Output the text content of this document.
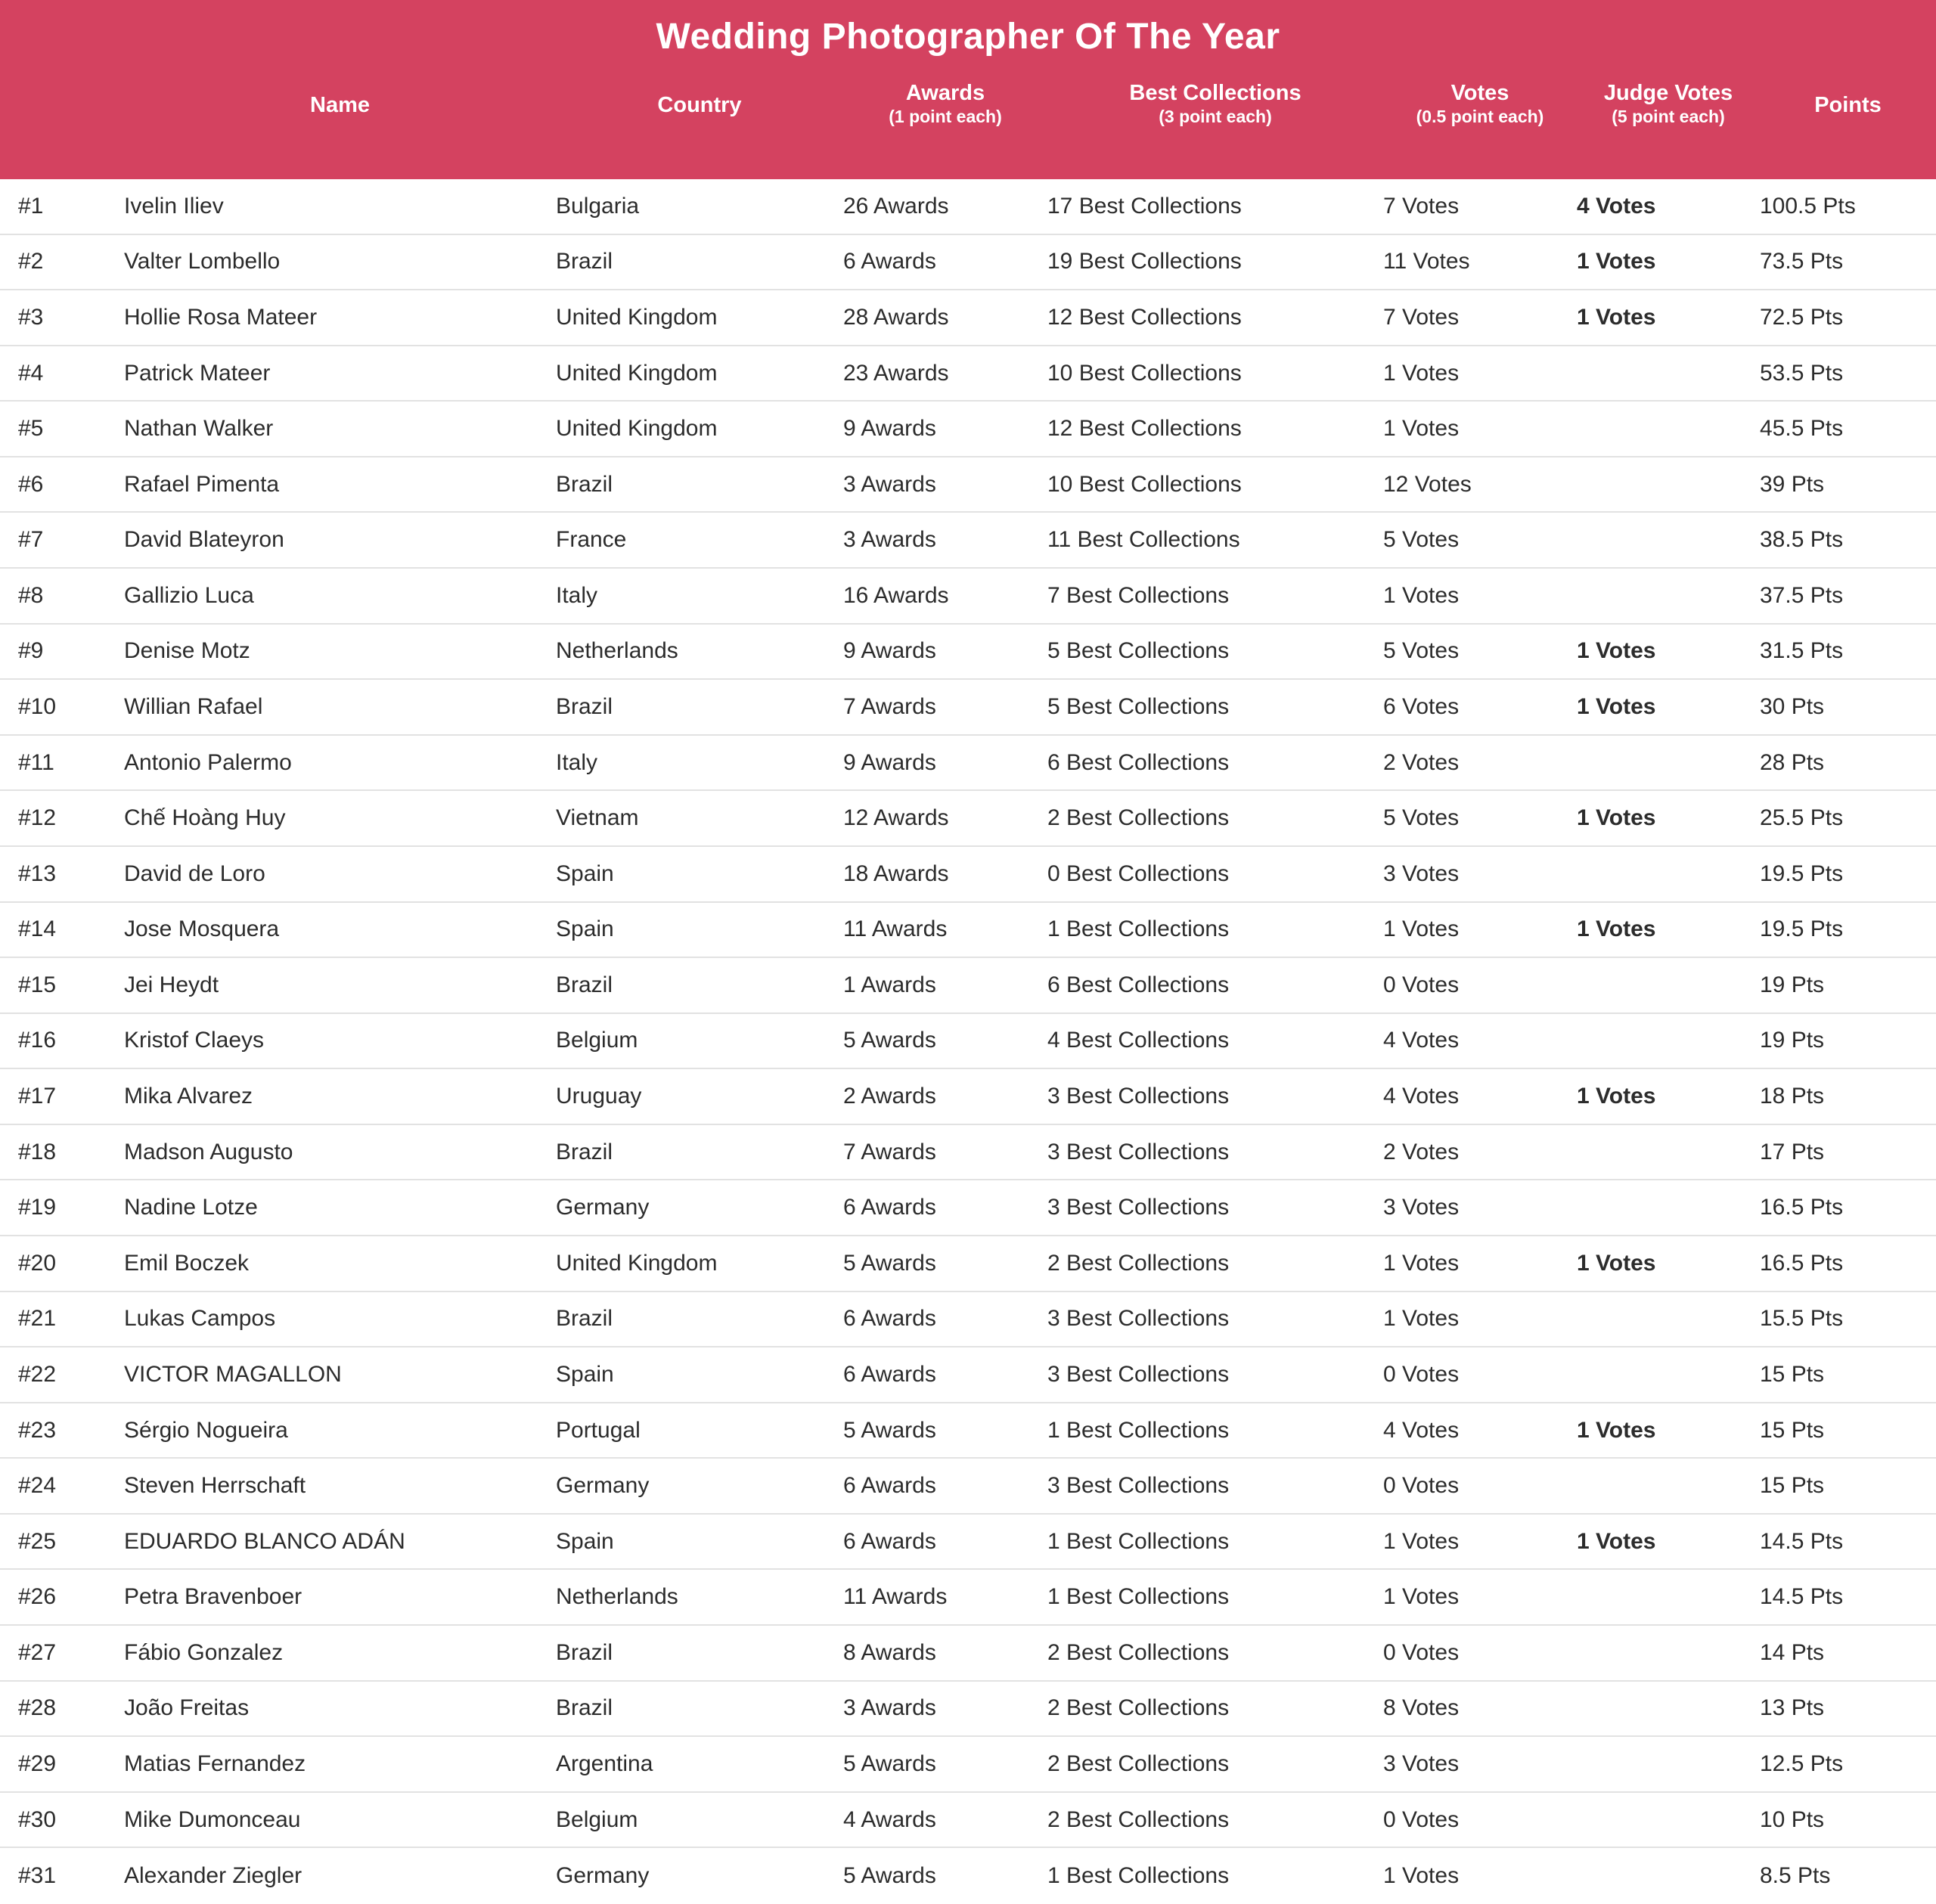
Wedding Photographer Of The Year
Name	Country	Awards
(1 point each)
Best Collections
(3 point each)
Votes
(0.5 point each)
Judge Votes
(5 point each)	Points
#1	Ivelin Iliev	Bulgaria	26 Awards	17 Best Collections	7 Votes	4 Votes	100.5 Pts
#2	Valter Lombello	Brazil	6 Awards	19 Best Collections	11 Votes	1 Votes	73.5 Pts
#3	Hollie Rosa Mateer	United Kingdom	28 Awards	12 Best Collections	7 Votes	1 Votes	72.5 Pts
#4	Patrick Mateer	United Kingdom	23 Awards	10 Best Collections	1 Votes	53.5 Pts
#5	Nathan Walker	United Kingdom	9 Awards	12 Best Collections	1 Votes	45.5 Pts
#6	Rafael Pimenta	Brazil	3 Awards	10 Best Collections	12 Votes	39 Pts
#7	David Blateyron	France	3 Awards	11 Best Collections	5 Votes	38.5 Pts
#8	Gallizio Luca	Italy	16 Awards	7 Best Collections	1 Votes	37.5 Pts
#9	Denise Motz	Netherlands	9 Awards	5 Best Collections	5 Votes	1 Votes	31.5 Pts
#10	Willian Rafael	Brazil	7 Awards	5 Best Collections	6 Votes	1 Votes	30 Pts
#11	Antonio Palermo	Italy	9 Awards	6 Best Collections	2 Votes	28 Pts
#12	Chế Hoàng Huy	Vietnam	12 Awards	2 Best Collections	5 Votes	1 Votes	25.5 Pts
#13	David de Loro	Spain	18 Awards	0 Best Collections	3 Votes	19.5 Pts
#14	Jose Mosquera	Spain	11 Awards	1 Best Collections	1 Votes	1 Votes	19.5 Pts
#15	Jei Heydt	Brazil	1 Awards	6 Best Collections	0 Votes	19 Pts
#16	Kristof Claeys	Belgium	5 Awards	4 Best Collections	4 Votes	19 Pts
#17	Mika Alvarez	Uruguay	2 Awards	3 Best Collections	4 Votes	1 Votes	18 Pts
#18	Madson Augusto	Brazil	7 Awards	3 Best Collections	2 Votes	17 Pts
#19	Nadine Lotze	Germany	6 Awards	3 Best Collections	3 Votes	16.5 Pts
#20	Emil Boczek	United Kingdom	5 Awards	2 Best Collections	1 Votes	1 Votes	16.5 Pts
#21	Lukas Campos	Brazil	6 Awards	3 Best Collections	1 Votes	15.5 Pts
#22	VICTOR MAGALLON	Spain	6 Awards	3 Best Collections	0 Votes	15 Pts
#23	Sérgio Nogueira	Portugal	5 Awards	1 Best Collections	4 Votes	1 Votes	15 Pts
#24	Steven Herrschaft	Germany	6 Awards	3 Best Collections	0 Votes	15 Pts
#25	EDUARDO BLANCO ADÁN	Spain	6 Awards	1 Best Collections	1 Votes	1 Votes	14.5 Pts
#26	Petra Bravenboer	Netherlands	11 Awards	1 Best Collections	1 Votes	14.5 Pts
#27	Fábio Gonzalez	Brazil	8 Awards	2 Best Collections	0 Votes	14 Pts
#28	João Freitas	Brazil	3 Awards	2 Best Collections	8 Votes	13 Pts
#29	Matias Fernandez	Argentina	5 Awards	2 Best Collections	3 Votes	12.5 Pts
#30	Mike Dumonceau	Belgium	4 Awards	2 Best Collections	0 Votes	10 Pts
#31	Alexander Ziegler	Germany	5 Awards	1 Best Collections	1 Votes	8.5 Pts
